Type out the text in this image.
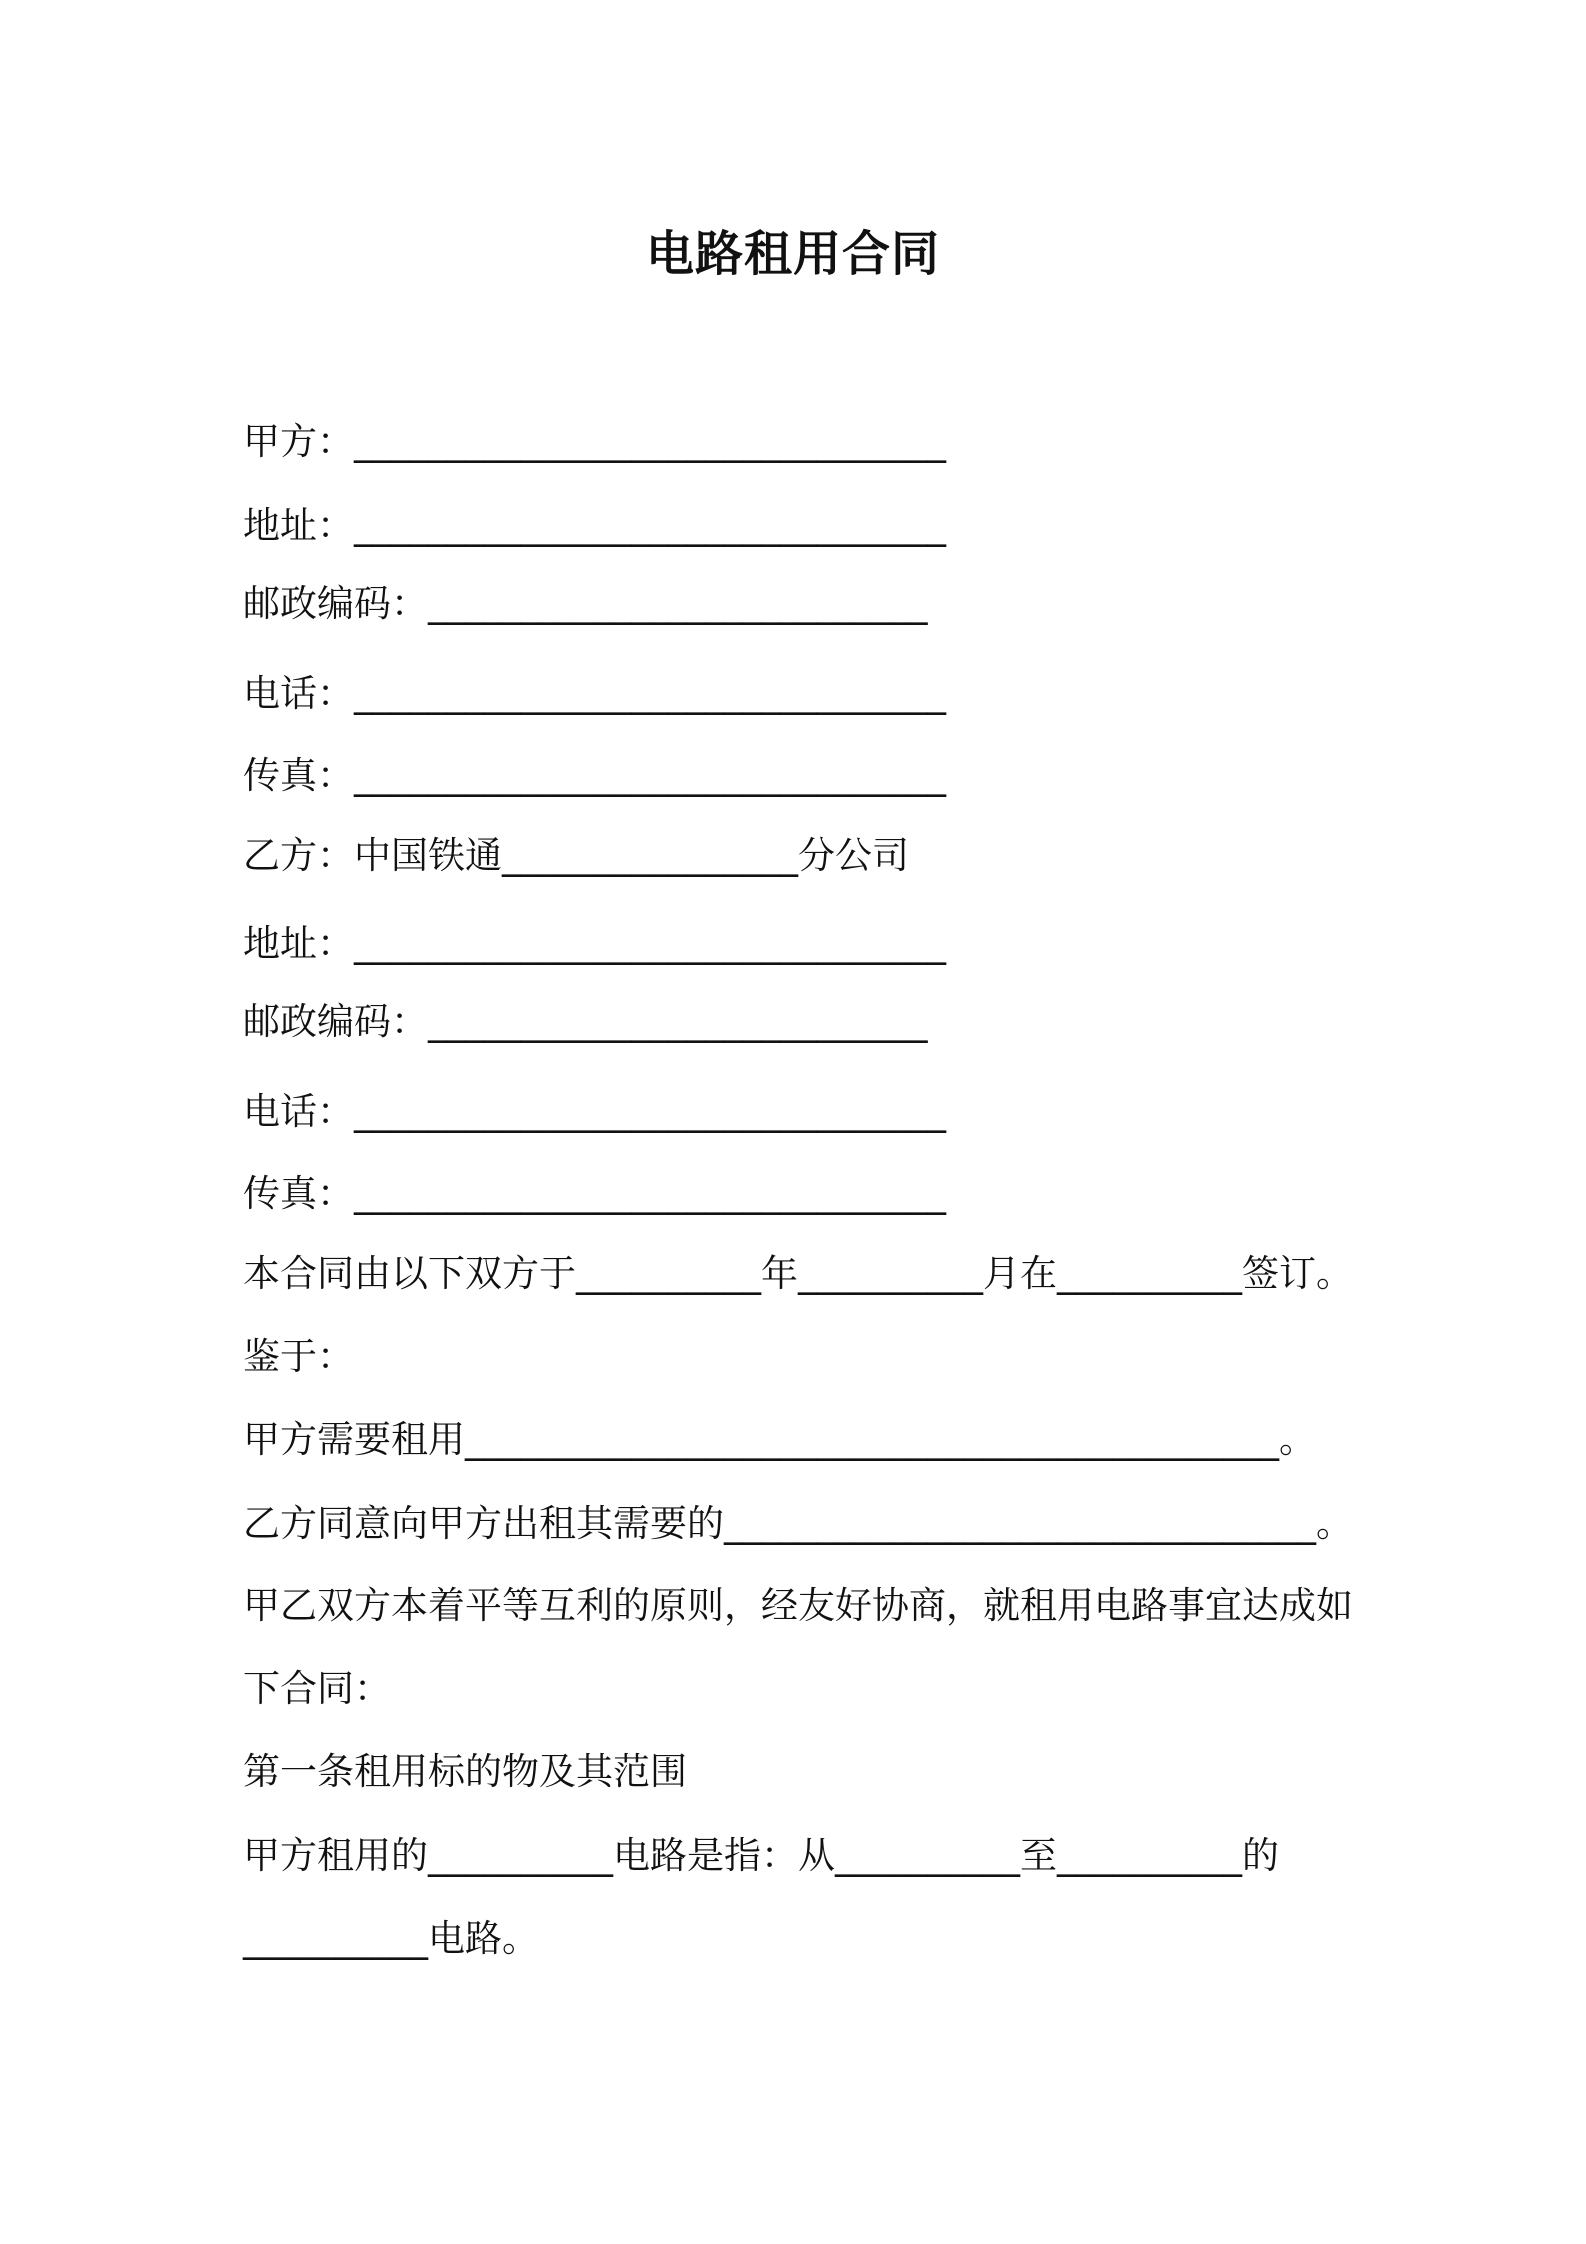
电路租用合同
甲方：________________________________
地址：________________________________
邮政编码：___________________________
电话：________________________________
传真：________________________________
乙方：中国铁通________________分公司
地址：________________________________
邮政编码：___________________________
电话：________________________________
传真：________________________________
本合同由以下双方于__________年__________月在__________签订。
鉴于：
甲方需要租用____________________________________________。
乙方同意向甲方出租其需要的________________________________。
甲乙双方本着平等互利的原则，经友好协商，就租用电路事宜达成如
下合同：
第一条租用标的物及其范围
甲方租用的__________电路是指：从__________至__________的
__________电路。
